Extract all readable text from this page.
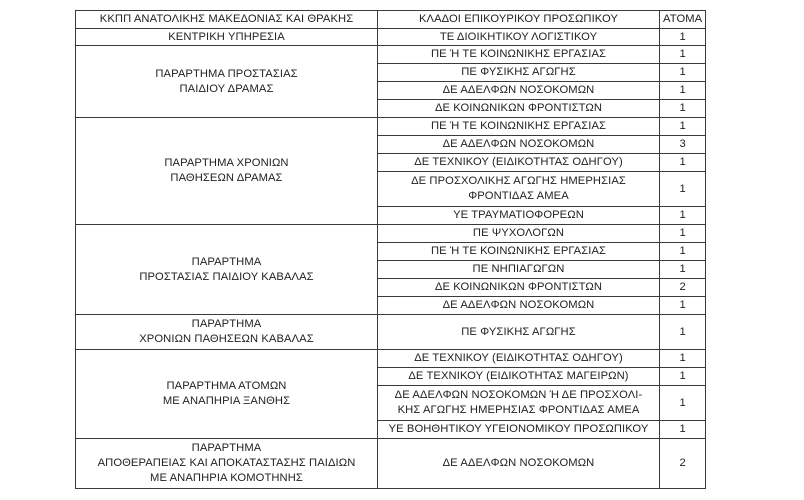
ΚΚΠΠ ΑΝΑΤΟΛΙΚΗΣ ΜΑΚΕΔΟΝΙΑΣ ΚΑΙ ΘΡΑΚΗΣ	ΚΛΑΔΟΙ ΕΠΙΚΟΥΡΙΚΟΥ ΠΡΟΣΩΠΙΚΟΥ	ΑΤΟΜΑ

ΚΕΝΤΡΙΚΗ ΥΠΗΡΕΣΙΑ	ΤΕ ΔΙΟΙΚΗΤΙΚΟΥ ΛΟΓΙΣΤΙΚΟΥ	1

ΠΑΡΑΡΤΗΜΑ ΠΡΟΣΤΑΣΙΑΣ
ΠΑΙΔΙΟΥ ΔΡΑΜΑΣ	ΠΕ Ή ΤΕ ΚΟΙΝΩΝΙΚΗΣ ΕΡΓΑΣΙΑΣ	1

	ΠΕ ΦΥΣΙΚΗΣ ΑΓΩΓΗΣ	1

	ΔΕ ΑΔΕΛΦΩΝ ΝΟΣΟΚΟΜΩΝ	1

	ΔΕ ΚΟΙΝΩΝΙΚΩΝ ΦΡΟΝΤΙΣΤΩΝ	1

ΠΑΡΑΡΤΗΜΑ ΧΡΟΝΙΩΝ
ΠΑΘΗΣΕΩΝ ΔΡΑΜΑΣ	ΠΕ Ή ΤΕ ΚΟΙΝΩΝΙΚΗΣ ΕΡΓΑΣΙΑΣ	1

	ΔΕ ΑΔΕΛΦΩΝ ΝΟΣΟΚΟΜΩΝ	3

	ΔΕ ΤΕΧΝΙΚΟΥ (ΕΙΔΙΚΟΤΗΤΑΣ ΟΔΗΓΟΥ)	1

	ΔΕ ΠΡΟΣΧΟΛΙΚΗΣ ΑΓΩΓΗΣ ΗΜΕΡΗΣΙΑΣ
ΦΡΟΝΤΙΔΑΣ ΑΜΕΑ	1

	ΥΕ ΤΡΑΥΜΑΤΙΟΦΟΡΕΩΝ	1

ΠΑΡΑΡΤΗΜΑ
ΠΡΟΣΤΑΣΙΑΣ ΠΑΙΔΙΟΥ ΚΑΒΑΛΑΣ	ΠΕ ΨΥΧΟΛΟΓΩΝ	1

	ΠΕ Ή ΤΕ ΚΟΙΝΩΝΙΚΗΣ ΕΡΓΑΣΙΑΣ	1

	ΠΕ ΝΗΠΙΑΓΩΓΩΝ	1

	ΔΕ ΚΟΙΝΩΝΙΚΩΝ ΦΡΟΝΤΙΣΤΩΝ	2

	ΔΕ ΑΔΕΛΦΩΝ ΝΟΣΟΚΟΜΩΝ	1

ΠΑΡΑΡΤΗΜΑ
ΧΡΟΝΙΩΝ ΠΑΘΗΣΕΩΝ ΚΑΒΑΛΑΣ	ΠΕ ΦΥΣΙΚΗΣ ΑΓΩΓΗΣ	1

ΠΑΡΑΡΤΗΜΑ ΑΤΟΜΩΝ
ΜΕ ΑΝΑΠΗΡΙΑ ΞΑΝΘΗΣ	ΔΕ ΤΕΧΝΙΚΟΥ (ΕΙΔΙΚΟΤΗΤΑΣ ΟΔΗΓΟΥ)	1

	ΔΕ ΤΕΧΝΙΚΟΥ (ΕΙΔΙΚΟΤΗΤΑΣ ΜΑΓΕΙΡΩΝ)	1

	ΔΕ ΑΔΕΛΦΩΝ ΝΟΣΟΚΟΜΩΝ Ή ΔΕ ΠΡΟΣΧΟΛΙ-
ΚΗΣ ΑΓΩΓΗΣ ΗΜΕΡΗΣΙΑΣ ΦΡΟΝΤΙΔΑΣ ΑΜΕΑ	1

	ΥΕ ΒΟΗΘΗΤΙΚΟΥ ΥΓΕΙΟΝΟΜΙΚΟΥ ΠΡΟΣΩΠΙΚΟΥ	1

ΠΑΡΑΡΤΗΜΑ
ΑΠΟΘΕΡΑΠΕΙΑΣ ΚΑΙ ΑΠΟΚΑΤΑΣΤΑΣΗΣ ΠΑΙΔΙΩΝ
ΜΕ ΑΝΑΠΗΡΙΑ ΚΟΜΟΤΗΝΗΣ	ΔΕ ΑΔΕΛΦΩΝ ΝΟΣΟΚΟΜΩΝ	2
